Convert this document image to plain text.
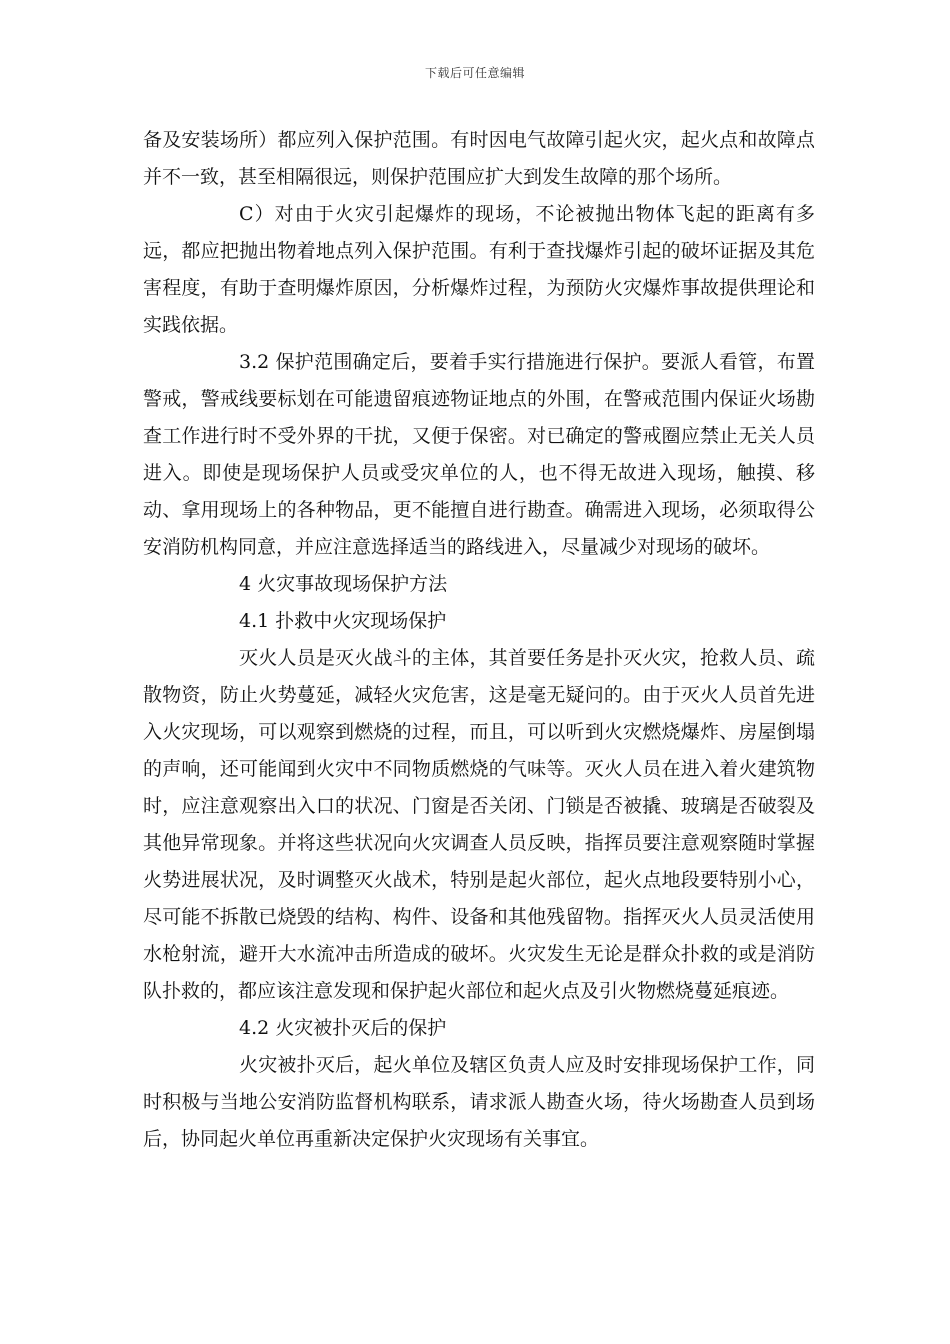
下载后可任意编辑

备及安装场所）都应列入保护范围。有时因电气故障引起火灾，起火点和故障点并不一致，甚至相隔很远，则保护范围应扩大到发生故障的那个场所。

C）对由于火灾引起爆炸的现场，不论被抛出物体飞起的距离有多远，都应把抛出物着地点列入保护范围。有利于查找爆炸引起的破坏证据及其危害程度，有助于查明爆炸原因，分析爆炸过程，为预防火灾爆炸事故提供理论和实践依据。

3.2 保护范围确定后，要着手实行措施进行保护。要派人看管，布置警戒，警戒线要标划在可能遗留痕迹物证地点的外围，在警戒范围内保证火场勘查工作进行时不受外界的干扰，又便于保密。对已确定的警戒圈应禁止无关人员进入。即使是现场保护人员或受灾单位的人，也不得无故进入现场，触摸、移动、拿用现场上的各种物品，更不能擅自进行勘查。确需进入现场，必须取得公安消防机构同意，并应注意选择适当的路线进入，尽量减少对现场的破坏。

4 火灾事故现场保护方法

4.1 扑救中火灾现场保护

灭火人员是灭火战斗的主体，其首要任务是扑灭火灾，抢救人员、疏散物资，防止火势蔓延，减轻火灾危害，这是毫无疑问的。由于灭火人员首先进入火灾现场，可以观察到燃烧的过程，而且，可以听到火灾燃烧爆炸、房屋倒塌的声响，还可能闻到火灾中不同物质燃烧的气味等。灭火人员在进入着火建筑物时，应注意观察出入口的状况、门窗是否关闭、门锁是否被撬、玻璃是否破裂及其他异常现象。并将这些状况向火灾调查人员反映，指挥员要注意观察随时掌握火势进展状况，及时调整灭火战术，特别是起火部位，起火点地段要特别小心，尽可能不拆散已烧毁的结构、构件、设备和其他残留物。指挥灭火人员灵活使用水枪射流，避开大水流冲击所造成的破坏。火灾发生无论是群众扑救的或是消防队扑救的，都应该注意发现和保护起火部位和起火点及引火物燃烧蔓延痕迹。

4.2 火灾被扑灭后的保护

火灾被扑灭后，起火单位及辖区负责人应及时安排现场保护工作，同时积极与当地公安消防监督机构联系，请求派人勘查火场，待火场勘查人员到场后，协同起火单位再重新决定保护火灾现场有关事宜。
